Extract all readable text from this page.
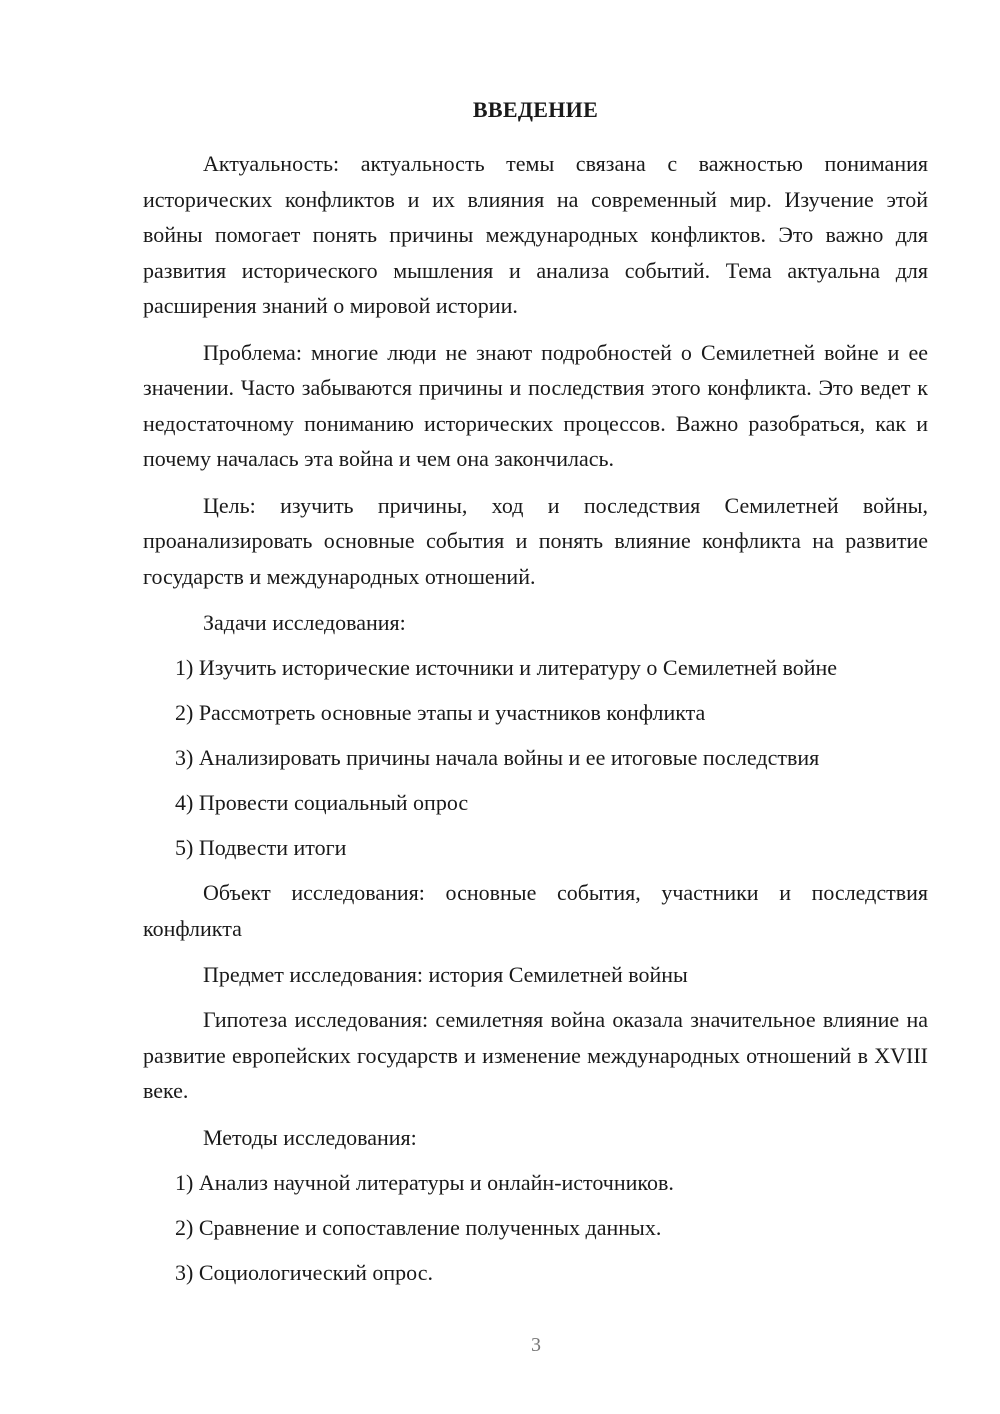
ВВЕДЕНИЕ

Актуальность: актуальность темы связана с важностью понимания исторических конфликтов и их влияния на современный мир. Изучение этой войны помогает понять причины международных конфликтов. Это важно для развития исторического мышления и анализа событий. Тема актуальна для расширения знаний о мировой истории.

Проблема: многие люди не знают подробностей о Семилетней войне и ее значении. Часто забываются причины и последствия этого конфликта. Это ведет к недостаточному пониманию исторических процессов. Важно разобраться, как и почему началась эта война и чем она закончилась.

Цель: изучить причины, ход и последствия Семилетней войны, проанализировать основные события и понять влияние конфликта на развитие государств и международных отношений.

Задачи исследования:
1) Изучить исторические источники и литературу о Семилетней войне
2) Рассмотреть основные этапы и участников конфликта
3) Анализировать причины начала войны и ее итоговые последствия
4) Провести социальный опрос
5) Подвести итоги

Объект исследования: основные события, участники и последствия конфликта

Предмет исследования: история Семилетней войны

Гипотеза исследования: семилетняя война оказала значительное влияние на развитие европейских государств и изменение международных отношений в XVIII веке.

Методы исследования:
1) Анализ научной литературы и онлайн-источников.
2) Сравнение и сопоставление полученных данных.
3) Социологический опрос.
3
